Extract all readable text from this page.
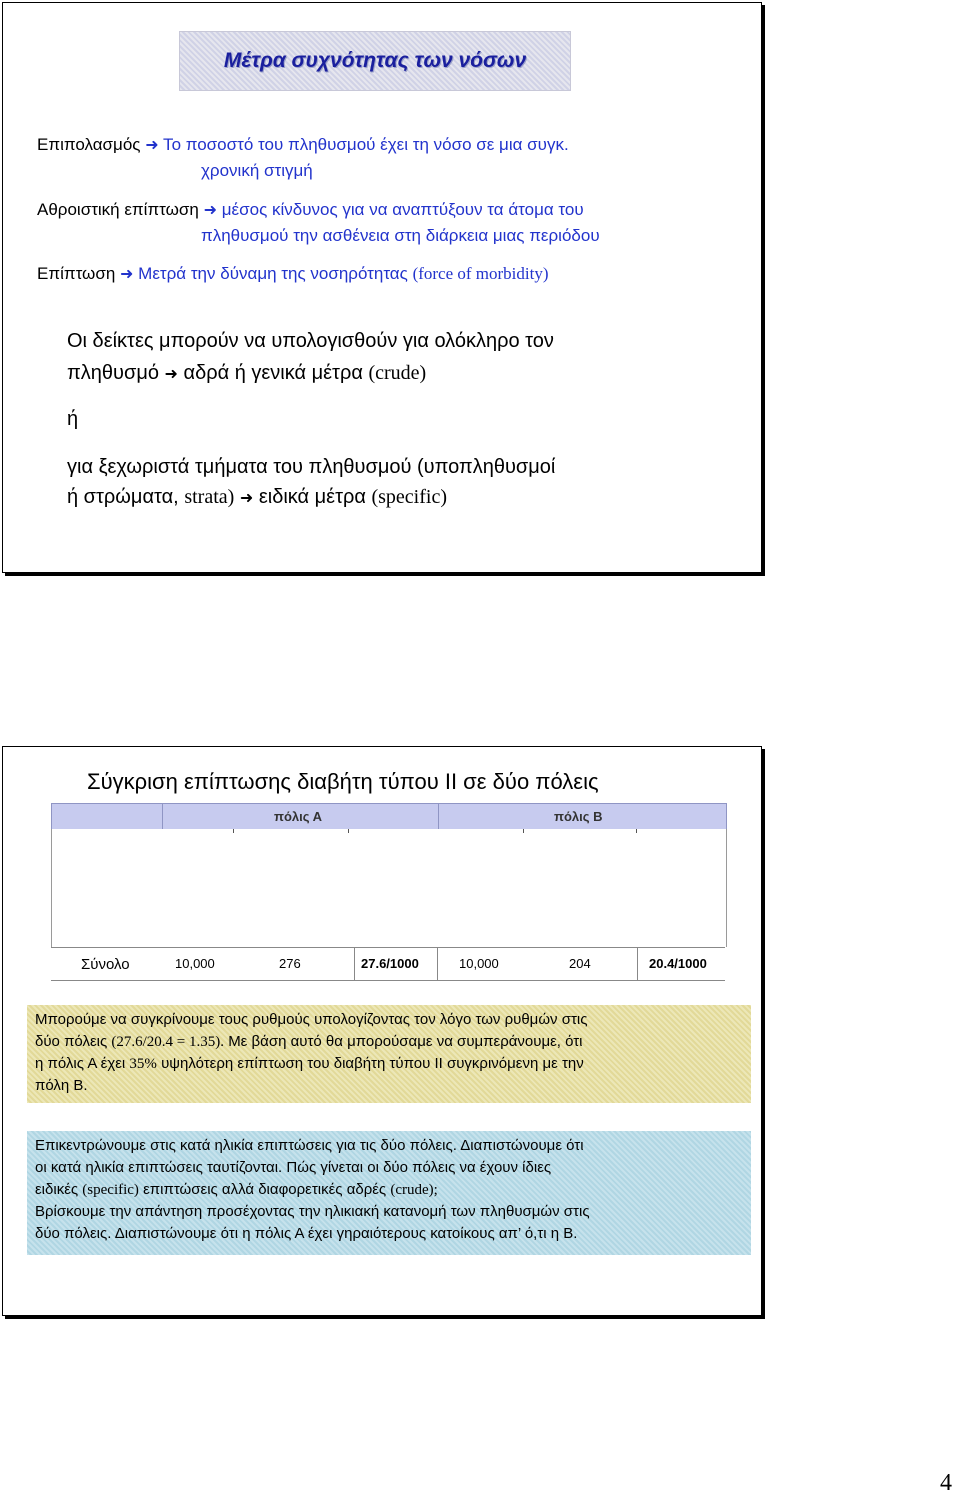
Μέτρα συχνότητας των νόσων
Επιπολασμός ➜ Το ποσοστό του πληθυσμού έχει τη νόσο σε μια συγκ.
χρονική στιγμή
Αθροιστική επίπτωση ➜ μέσος κίνδυνος για να αναπτύξουν τα άτομα του
πληθυσμού την ασθένεια στη διάρκεια μιας περιόδου
Επίπτωση ➜ Μετρά την δύναμη της νοσηρότητας (force of morbidity)
Οι δείκτες μπορούν να υπολογισθούν για ολόκληρο τον
πληθυσμό ➜ αδρά ή γενικά μέτρα (crude)
ή
για ξεχωριστά τμήματα του πληθυσμού (υποπληθυσμοί
ή στρώματα, strata) ➜ ειδικά μέτρα (specific)
Σύγκριση επίπτωσης διαβήτη τύπου ΙΙ σε δύο πόλεις
πόλις Α	πόλις Β
Σύνολο	10,000	276	27.6/1000	10,000	204	20.4/1000
Μπορούμε να συγκρίνουμε τους ρυθμούς υπολογίζοντας τον λόγο των ρυθμών στις
δύο πόλεις (27.6/20.4 = 1.35). Με βάση αυτό θα μπορούσαμε να συμπεράνουμε, ότι
η πόλις Α έχει 35% υψηλότερη επίπτωση του διαβήτη τύπου ΙΙ συγκρινόμενη με την
πόλη Β.
Επικεντρώνουμε στις κατά ηλικία επιπτώσεις για τις δύο πόλεις. Διαπιστώνουμε ότι
οι κατά ηλικία επιπτώσεις ταυτίζονται. Πώς γίνεται οι δύο πόλεις να έχουν ίδιες
ειδικές (specific) επιπτώσεις αλλά διαφορετικές αδρές (crude);
Βρίσκουμε την απάντηση προσέχοντας την ηλικιακή κατανομή των πληθυσμών στις
δύο πόλεις. Διαπιστώνουμε ότι η πόλις Α έχει γηραιότερους κατοίκους απ’ ό,τι η Β.
4
